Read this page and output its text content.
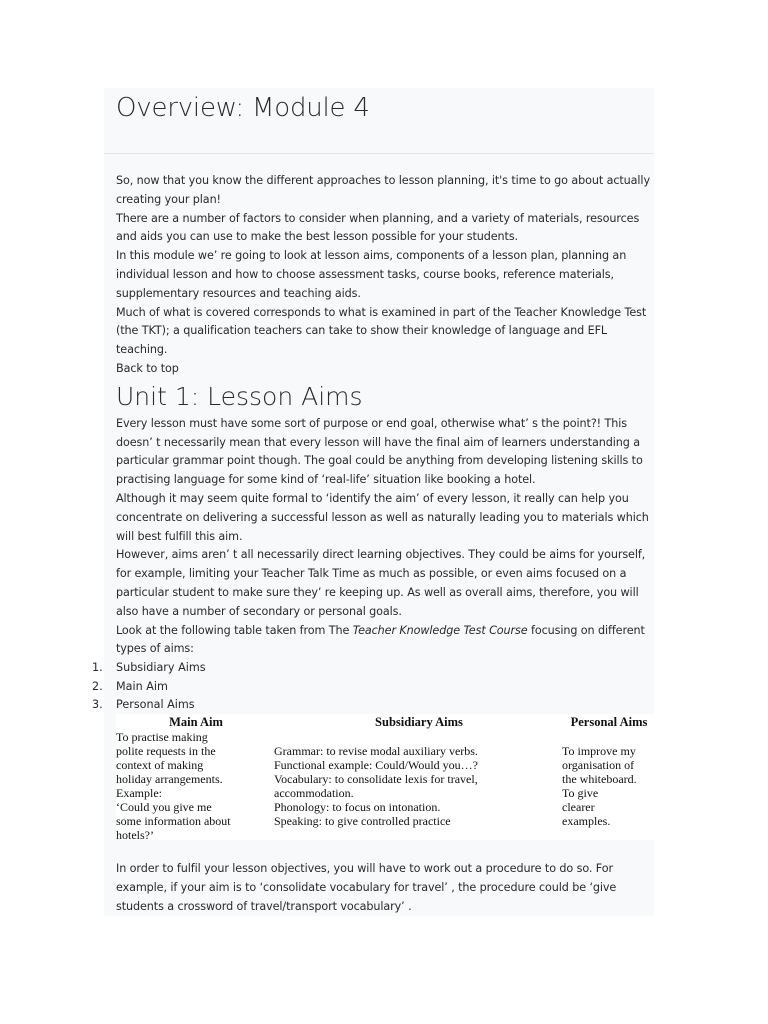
Overview: Module 4

So, now that you know the different approaches to lesson planning, it's time to go about actually creating your plan!

There are a number of factors to consider when planning, and a variety of materials, resources and aids you can use to make the best lesson possible for your students.

In this module we’ re going to look at lesson aims, components of a lesson plan, planning an individual lesson and how to choose assessment tasks, course books, reference materials, supplementary resources and teaching aids.

Much of what is covered corresponds to what is examined in part of the Teacher Knowledge Test (the TKT); a qualification teachers can take to show their knowledge of language and EFL teaching.

Back to top

Unit 1: Lesson Aims

Every lesson must have some sort of purpose or end goal, otherwise what’ s the point?! This doesn’ t necessarily mean that every lesson will have the final aim of learners understanding a particular grammar point though. The goal could be anything from developing listening skills to practising language for some kind of ‘real-life’ situation like booking a hotel.

Although it may seem quite formal to ‘identify the aim’ of every lesson, it really can help you concentrate on delivering a successful lesson as well as naturally leading you to materials which will best fulfill this aim.

However, aims aren’ t all necessarily direct learning objectives. They could be aims for yourself, for example, limiting your Teacher Talk Time as much as possible, or even aims focused on a particular student to make sure they’ re keeping up. As well as overall aims, therefore, you will also have a number of secondary or personal goals.

Look at the following table taken from The Teacher Knowledge Test Course focusing on different types of aims:

1. Subsidiary Aims
2. Main Aim
3. Personal Aims
Main Aim
To practise making
polite requests in the
context of making
holiday arrangements.
Example:
‘Could you give me
some information about
hotels?’
Subsidiary Aims
Grammar: to revise modal auxiliary verbs.
Functional example: Could/Would you…?
Vocabulary: to consolidate lexis for travel,
accommodation.
Phonology: to focus on intonation.
Speaking: to give controlled practice
Personal Aims
To improve my
organisation of
the whiteboard.
To give
clearer
examples.

In order to fulfil your lesson objectives, you will have to work out a procedure to do so. For example, if your aim is to ‘consolidate vocabulary for travel’ , the procedure could be ‘give students a crossword of travel/transport vocabulary’ .
